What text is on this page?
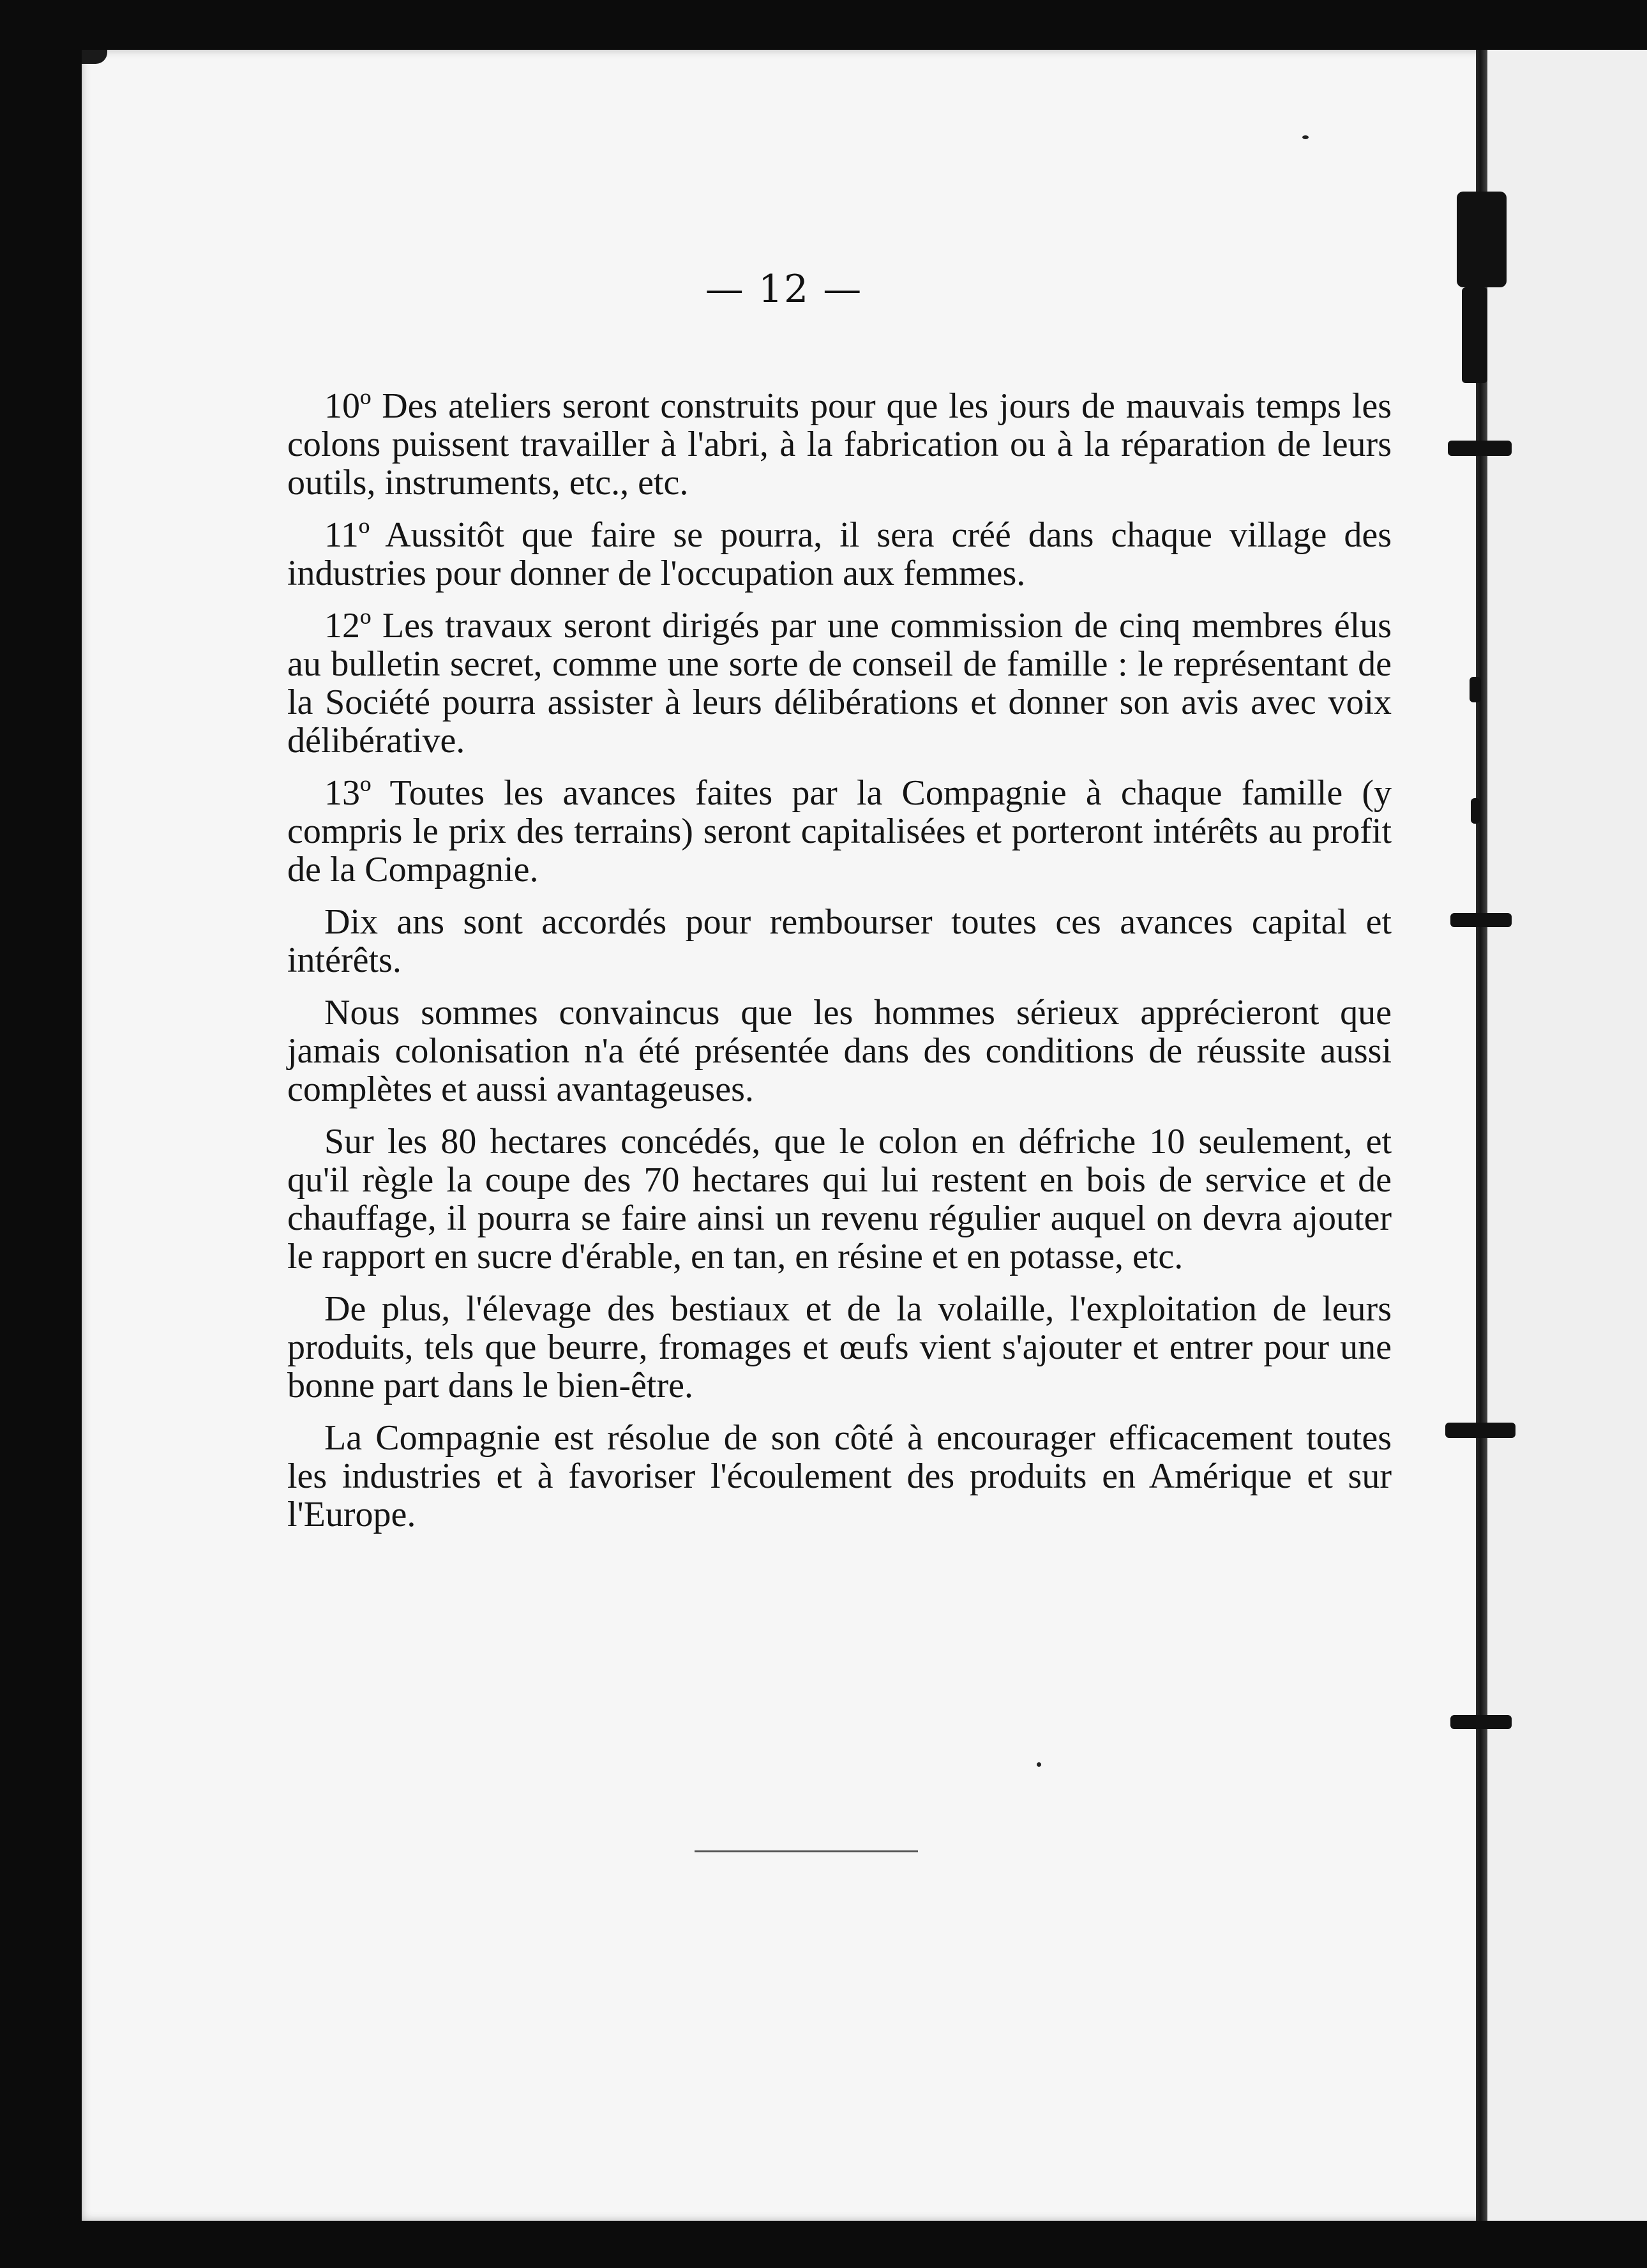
— 12 —

10º Des ateliers seront construits pour que les jours de mauvais temps les colons puissent travailler à l'abri, à la fabrication ou à la réparation de leurs outils, instruments, etc., etc.

11º Aussitôt que faire se pourra, il sera créé dans chaque village des industries pour donner de l'occupation aux femmes.

12º Les travaux seront dirigés par une commission de cinq membres élus au bulletin secret, comme une sorte de conseil de famille : le représentant de la Société pourra assister à leurs délibérations et donner son avis avec voix délibérative.

13º Toutes les avances faites par la Compagnie à chaque famille (y compris le prix des terrains) seront capitalisées et porteront intérêts au profit de la Compagnie.

Dix ans sont accordés pour rembourser toutes ces avances capital et intérêts.

Nous sommes convaincus que les hommes sérieux apprécieront que jamais colonisation n'a été présentée dans des conditions de réussite aussi complètes et aussi avantageuses.

Sur les 80 hectares concédés, que le colon en défriche 10 seulement, et qu'il règle la coupe des 70 hectares qui lui restent en bois de service et de chauffage, il pourra se faire ainsi un revenu régulier auquel on devra ajouter le rapport en sucre d'érable, en tan, en résine et en potasse, etc.

De plus, l'élevage des bestiaux et de la volaille, l'exploitation de leurs produits, tels que beurre, fromages et œufs vient s'ajouter et entrer pour une bonne part dans le bien-être.

La Compagnie est résolue de son côté à encourager efficacement toutes les industries et à favoriser l'écoulement des produits en Amérique et sur l'Europe.
